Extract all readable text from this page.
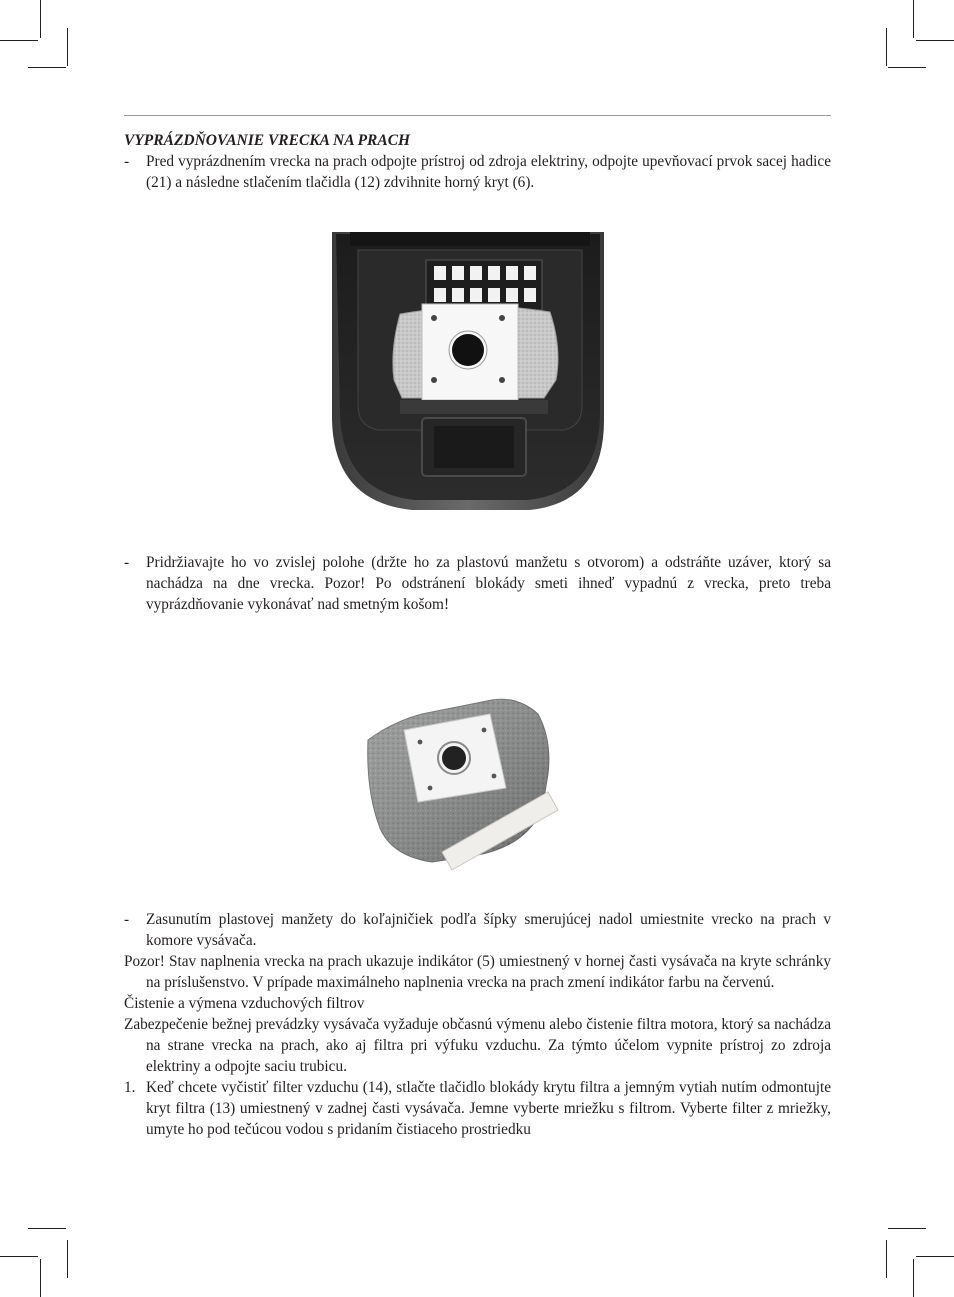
VYPRÁZDŇOVANIE VRECKA NA PRACH
- Pred vyprázdnením vrecka na prach odpojte prístroj od zdroja elektriny, odpojte upevňovací prvok sacej hadice (21) a následne stlačením tlačidla (12) zdvihnite horný kryt (6).
- Pridržiavajte ho vo zvislej polohe (držte ho za plastovú manžetu s otvorom) a odstráňte uzáver, ktorý sa nachádza na dne vrecka. Pozor! Po odstránení blokády smeti ihneď vypadnú z vrecka, preto treba vyprázdňovanie vykonávať nad smetným košom!
- Zasunutím plastovej manžety do koľajničiek podľa šípky smerujúcej nadol umiestnite vrecko na prach v komore vysávača.
Pozor! Stav naplnenia vrecka na prach ukazuje indikátor (5) umiestnený v hornej časti vysávača na kryte schránky na príslušenstvo. V prípade maximálneho naplnenia vrecka na prach zmení indikátor farbu na červenú.
Čistenie a výmena vzduchových filtrov
Zabezpečenie bežnej prevádzky vysávača vyžaduje občasnú výmenu alebo čistenie filtra motora, ktorý sa nachádza na strane vrecka na prach, ako aj filtra pri výfuku vzduchu. Za týmto účelom vypnite prístroj zo zdroja elektriny a odpojte saciu trubicu.
1. Keď chcete vyčistiť filter vzduchu (14), stlačte tlačidlo blokády krytu filtra a jemným vytiah nutím odmontujte kryt filtra (13) umiestnený v zadnej časti vysávača. Jemne vyberte mriežku s filtrom. Vyberte filter z mriežky, umyte ho pod tečúcou vodou s pridaním čistiaceho prostriedku
